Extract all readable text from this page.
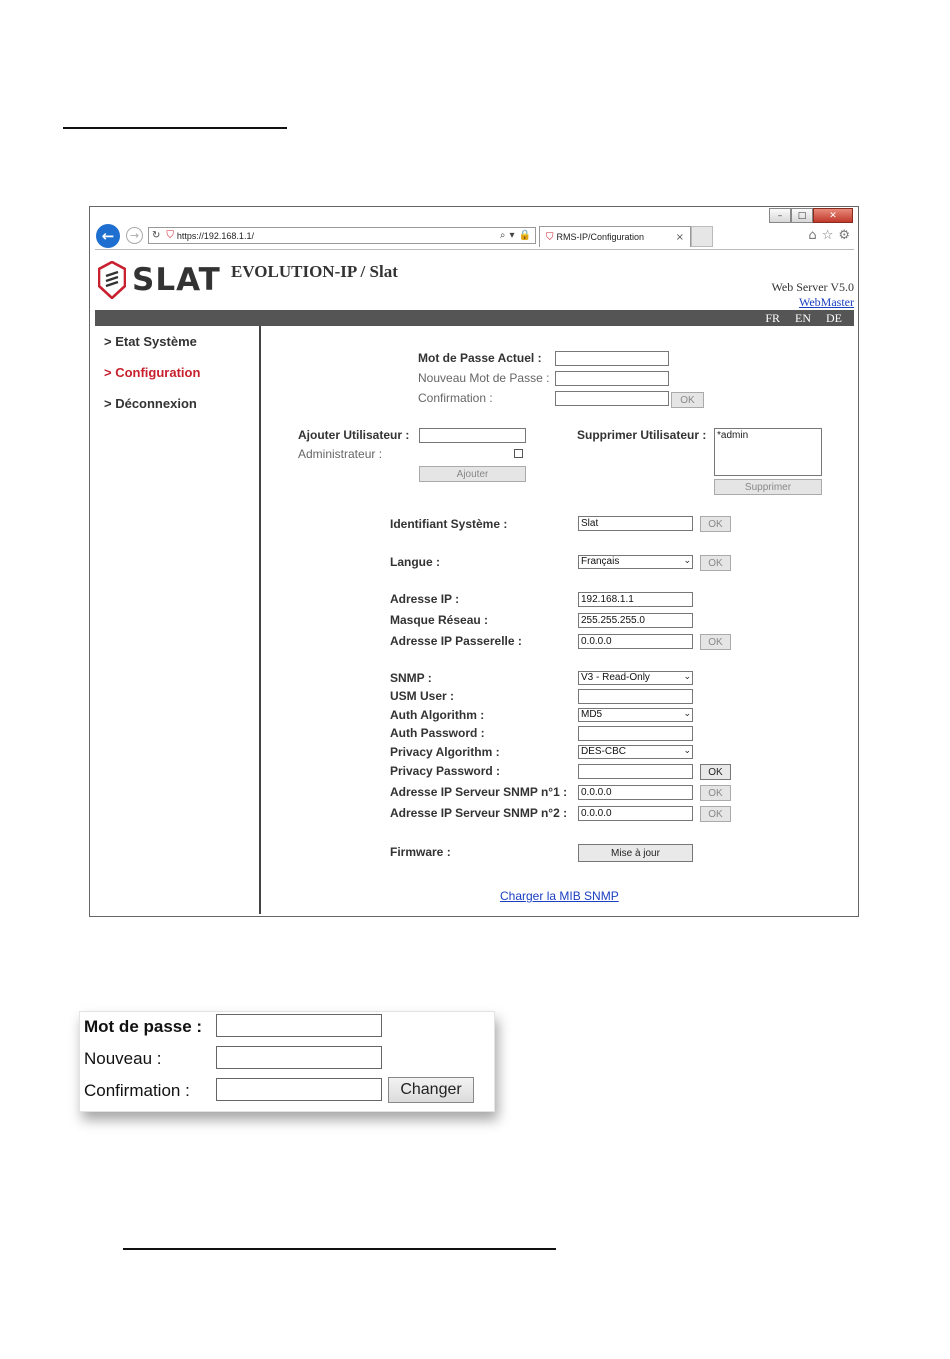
–	□	✕
←	→	↻ ⛉ https://192.168.1.1/	⌕ ▾ 🔒 ⛉ RMS-IP/Configuration	×	⌂ ☆ ⚙
SLAT EVOLUTION-IP / Slat
Web Server V5.0
WebMaster
FR EN DE
> Etat Système
> Configuration
> Déconnexion
Mot de Passe Actuel :
Nouveau Mot de Passe :
Confirmation :	OK
Ajouter Utilisateur :
Administrateur :
Ajouter
Supprimer Utilisateur : *admin
Supprimer
Identifiant Système :	Slat	OK
Langue :	Français	⌄	OK
Adresse IP :	192.168.1.1
Masque Réseau :	255.255.255.0
Adresse IP Passerelle :	0.0.0.0	OK
SNMP :	V3 - Read-Only	⌄
USM User :
Auth Algorithm :	MD5	⌄
Auth Password :
Privacy Algorithm :	DES-CBC	⌄
Privacy Password :	OK
Adresse IP Serveur SNMP n°1 :	0.0.0.0	OK
Adresse IP Serveur SNMP n°2 :	0.0.0.0	OK
Firmware :	Mise à jour
Charger la MIB SNMP
Mot de passe :
Nouveau :
Confirmation :	Changer
